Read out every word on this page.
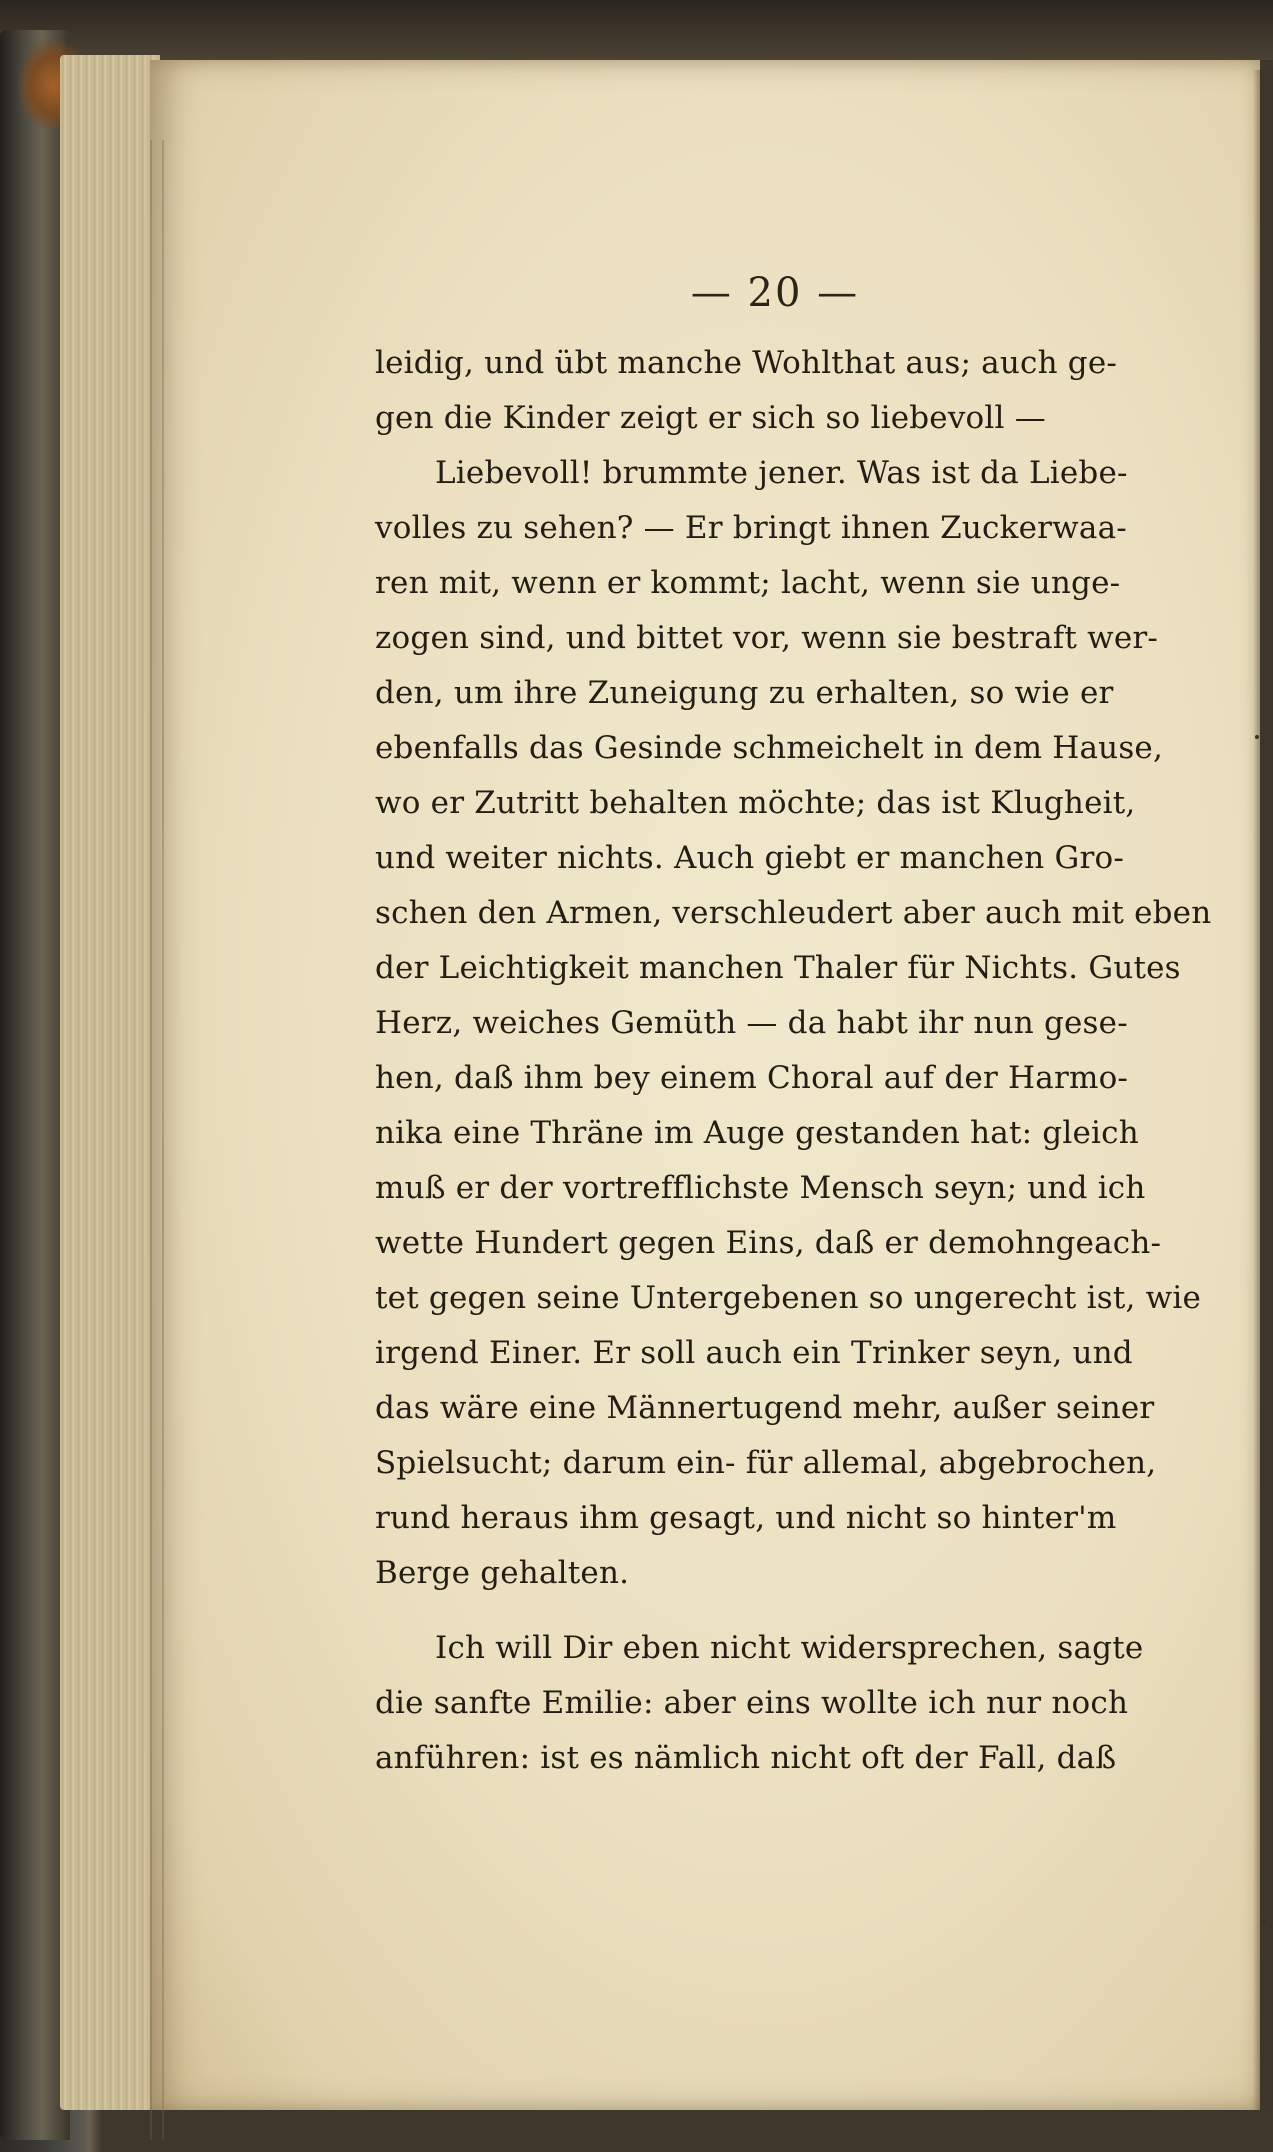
— 20 —
leidig, und übt manche Wohlthat aus; auch ge-
gen die Kinder zeigt er sich so liebevoll —
Liebevoll! brummte jener. Was ist da Liebe-
volles zu sehen? — Er bringt ihnen Zuckerwaa-
ren mit, wenn er kommt; lacht, wenn sie unge-
zogen sind, und bittet vor, wenn sie bestraft wer-
den, um ihre Zuneigung zu erhalten, so wie er
ebenfalls das Gesinde schmeichelt in dem Hause,
wo er Zutritt behalten möchte; das ist Klugheit,
und weiter nichts. Auch giebt er manchen Gro-
schen den Armen, verschleudert aber auch mit eben
der Leichtigkeit manchen Thaler für Nichts. Gutes
Herz, weiches Gemüth — da habt ihr nun gese-
hen, daß ihm bey einem Choral auf der Harmo-
nika eine Thräne im Auge gestanden hat: gleich
muß er der vortrefflichste Mensch seyn; und ich
wette Hundert gegen Eins, daß er demohngeach-
tet gegen seine Untergebenen so ungerecht ist, wie
irgend Einer. Er soll auch ein Trinker seyn, und
das wäre eine Männertugend mehr, außer seiner
Spielsucht; darum ein- für allemal, abgebrochen,
rund heraus ihm gesagt, und nicht so hinter'm
Berge gehalten.
Ich will Dir eben nicht widersprechen, sagte
die sanfte Emilie: aber eins wollte ich nur noch
anführen: ist es nämlich nicht oft der Fall, daß
